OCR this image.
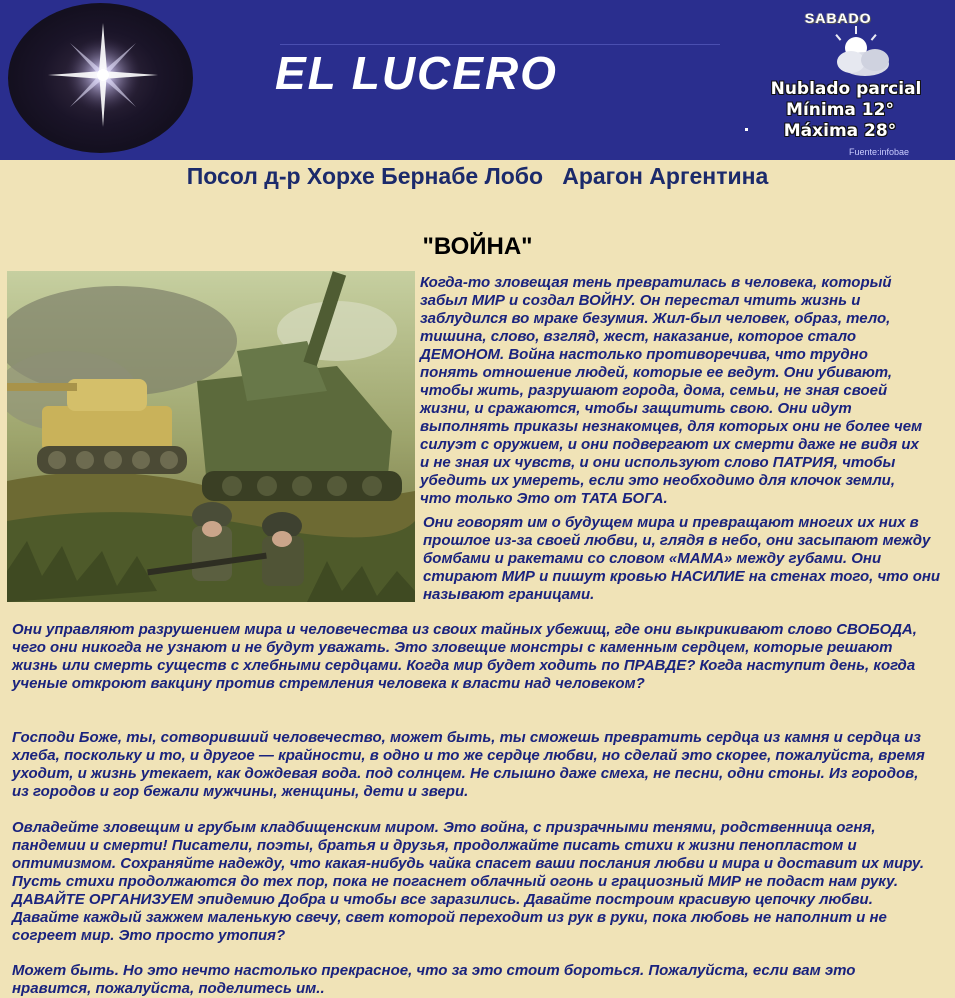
EL LUCERO
SABADO
Nublado parcial
Mínima 12°
Máxima 28°
Fuente:infobae
Посол д-р Хорхе Бернабе Лобо   Арагон Аргентина
"ВОЙНА"

Когда-то зловещая тень превратилась в человека, который забыл МИР и создал ВОЙНУ. Он перестал чтить жизнь и заблудился во мраке безумия. Жил-был человек, образ, тело, тишина, слово, взгляд, жест, наказание, которое стало ДЕМОНОМ. Война настолько противоречива, что трудно понять отношение людей, которые ее ведут. Они убивают, чтобы жить, разрушают города, дома, семьи, не зная своей жизни, и сражаются, чтобы защитить свою. Они идут выполнять приказы незнакомцев, для которых они не более чем силуэт с оружием, и они подвергают их смерти даже не видя их и не зная их чувств, и они используют слово ПАТРИЯ, чтобы убедить их умереть, если это необходимо для клочок земли, что только Это от ТАТА БОГА.

Они говорят им о будущем мира и превращают многих их них в прошлое из-за своей любви, и, глядя в небо, они засыпают между бомбами и ракетами со словом «МАМА» между губами. Они стирают МИР и пишут кровью НАСИЛИЕ на стенах того, что они называют границами.

Они управляют разрушением мира и человечества из своих тайных убежищ, где они выкрикивают слово СВОБОДА, чего они никогда не узнают и не будут уважать. Это зловещие монстры с каменным сердцем, которые решают жизнь или смерть существ с хлебными сердцами. Когда мир будет ходить по ПРАВДЕ? Когда наступит день, когда ученые откроют вакцину против стремления человека к власти над человеком?

Господи Боже, ты, сотворивший человечество, может быть, ты сможешь превратить сердца из камня и сердца из хлеба, поскольку и то, и другое — крайности, в одно и то же сердце любви, но сделай это скорее, пожалуйста, время уходит, и жизнь утекает, как дождевая вода. под солнцем. Не слышно даже смеха, не песни, одни стоны. Из городов, из городов и гор бежали мужчины, женщины, дети и звери.

Овладейте зловещим и грубым кладбищенским миром. Это война, с призрачными тенями, родственница огня, пандемии и смерти! Писатели, поэты, братья и друзья, продолжайте писать стихи к жизни пенопластом и оптимизмом. Сохраняйте надежду, что какая-нибудь чайка спасет ваши послания любви и мира и доставит их миру. Пусть стихи продолжаются до тех пор, пока не погаснет облачный огонь и грациозный МИР не подаст нам руку. ДАВАЙТЕ ОРГАНИЗУЕМ эпидемию Добра и чтобы все заразились. Давайте построим красивую цепочку любви. Давайте каждый зажжем маленькую свечу, свет которой переходит из рук в руки, пока любовь не наполнит и не согреет мир. Это просто утопия?

Может быть. Но это нечто настолько прекрасное, что за это стоит бороться. Пожалуйста, если вам это нравится, пожалуйста, поделитесь им..
